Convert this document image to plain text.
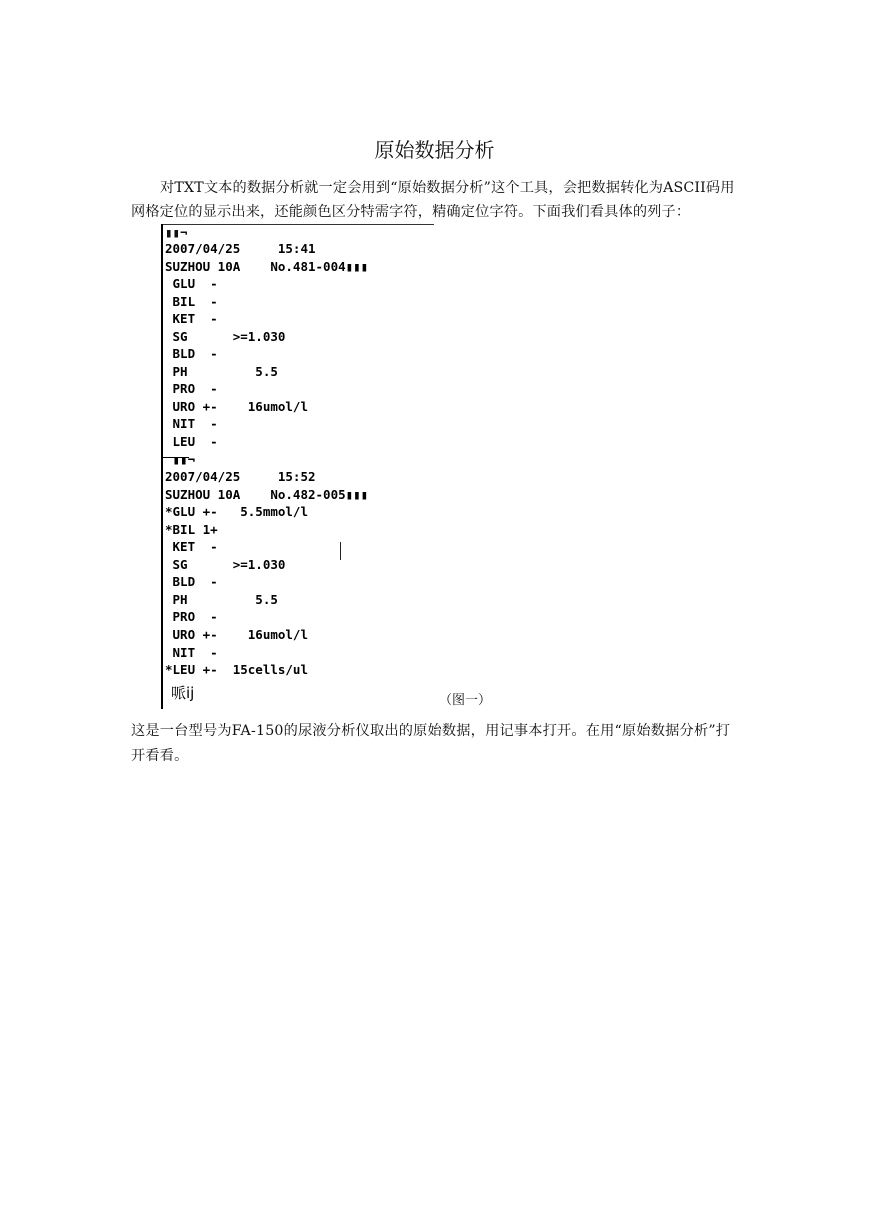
原始数据分析

对TXT文本的数据分析就一定会用到“原始数据分析”这个工具，会把数据转化为ASCII码用网格定位的显示出来，还能颜色区分特需字符，精确定位字符。下面我们看具体的列子：

▮▮¬
2007/04/25     15:41
SUZHOU 10A    No.481-004▮▮▮
GLU  -
BIL  -
KET  -
SG      >=1.030
BLD  -
PH         5.5
PRO  -
URO +-    16umol/l
NIT  -
LEU  -
▮▮¬
2007/04/25     15:52
SUZHOU 10A    No.482-005▮▮▮
*GLU +-   5.5mmol/l
*BIL 1+
KET  -
SG      >=1.030
BLD  -
PH         5.5
PRO  -
URO +-    16umol/l
NIT  -
*LEU +-  15cells/ul
哌ij	（图一）

这是一台型号为FA-150的尿液分析仪取出的原始数据，用记事本打开。在用“原始数据分析”打开看看。
